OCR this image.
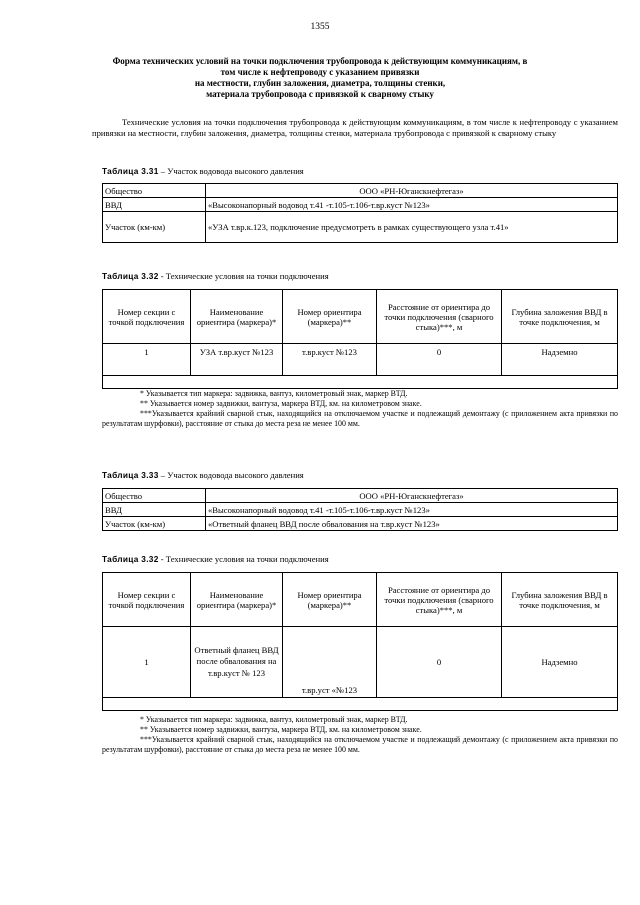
1355
Форма технических условий на точки подключения трубопровода к действующим коммуникациям, в
том числе к нефтепроводу с указанием привязки
на местности, глубин заложения, диаметра, толщины стенки,
материала трубопровода с привязкой к сварному стыку
Технические условия на точки подключения трубопровода к действующим коммуникациям, в том числе к нефтепроводу с указанием привязки на местности, глубин заложения, диаметра, толщины стенки, материала трубопровода с привязкой к сварному стыку
Таблица 3.31 – Участок водовода высокого давления
Общество	ООО «РН-Юганскнефтегаз»
ВВД	«Высоконапорный водовод т.41 -т.105-т.106-т.вр.куст №123»
Участок (км-км)	«УЗА т.вр.к.123, подключение предусмотреть в рамках существующего узла т.41»
Таблица 3.32 - Технические условия на точки подключения
Номер секции с точкой подключения	Наименование ориентира (маркера)*	Номер ориентира (маркера)**	Расстояние от ориентира до точки подключения (сварного стыка)***, м	Глубина заложения ВВД в точке подключения, м
1	УЗА т.вр.куст №123	т.вр.куст №123	0	Надземно

* Указывается тип маркера: задвижка, вантуз, километровый знак, маркер ВТД.

** Указывается номер задвижки, вантуза, маркера ВТД, км. на километровом знаке.

***Указывается крайний сварной стык, находящийся на отключаемом участке и подлежащий демонтажу (с приложением акта привязки по результатам шурфовки), расстояние от стыка до места реза не менее 100 мм.

Таблица 3.33 – Участок водовода высокого давления
Общество	ООО «РН-Юганскнефтегаз»
ВВД	«Высоконапорный водовод т.41 -т.105-т.106-т.вр.куст №123»
Участок (км-км)	«Ответный фланец ВВД после обвалования на т.вр.куст №123»
Таблица 3.32 - Технические условия на точки подключения
Номер секции с точкой подключения	Наименование ориентира (маркера)*	Номер ориентира (маркера)**	Расстояние от ориентира до точки подключения (сварного стыка)***, м	Глубина заложения ВВД в точке подключения, м
1	Ответный фланец ВВД после обвалования на т.вр.куст № 123	т.вр.уст «№123	0	Надземно

* Указывается тип маркера: задвижка, вантуз, километровый знак, маркер ВТД.

** Указывается номер задвижки, вантуза, маркера ВТД, км. на километровом знаке.

***Указывается крайний сварной стык, находящийся на отключаемом участке и подлежащий демонтажу (с приложением акта привязки по результатам шурфовки), расстояние от стыка до места реза не менее 100 мм.
